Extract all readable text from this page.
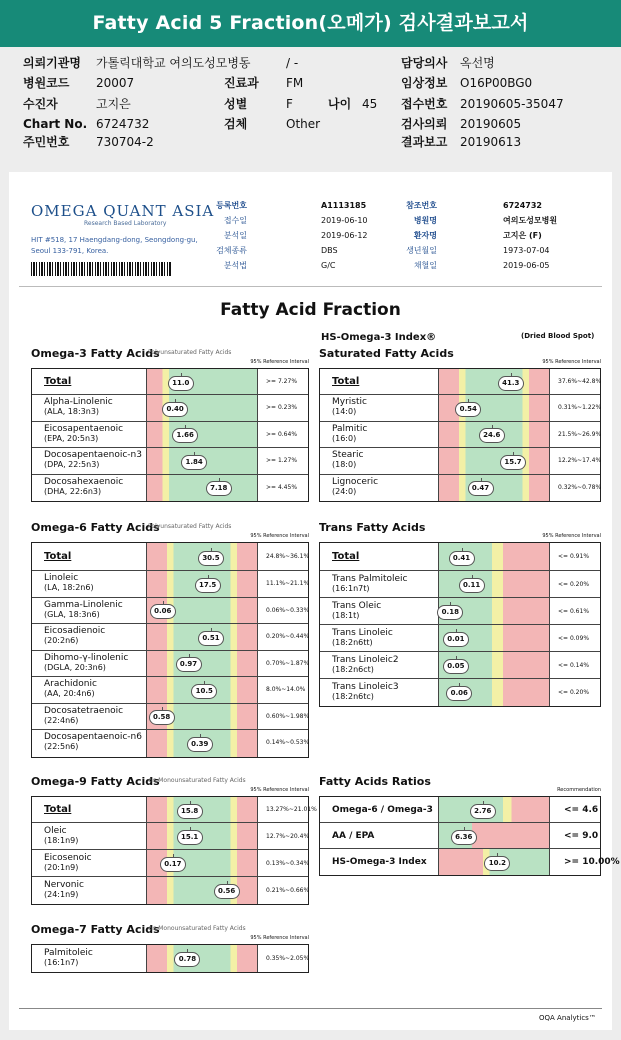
Fatty Acid 5 Fraction(오메가) 검사결과보고서
의뢰기관명 가톨릭대학교 여의도성모병동
병원코드 20007
수진자	고지은
Chart No. 6724732
주민번호 730704-2
/ -
진료과 FM
성별	F	나이 45
검체	Other
담당의사 옥선명
임상정보 O16P00BG0
접수번호 20190605-35047
검사의뢰 20190605
결과보고 20190613
OMEGA QUANT ASIA
Research Based Laboratory
HIT #518, 17 Haengdang-dong, Seongdong-gu,
Seoul 133-791, Korea.
등록번호	A1113185
접수일	2019-06-10
분석일	2019-06-12
검체종류	DBS
분석법	G/C
참조번호	6724732
병원명	여의도성모병원
환자명	고지은 (F)
생년월일	1973-07-04
채혈일	2019-06-05
Fatty Acid Fraction
HS-Omega-3 Index®	(Dried Blood Spot)
Omega-3 Fatty Acids
Polyunsaturated Fatty Acids
95% Reference Interval
Total	11.0	>= 7.27%
Alpha-Linolenic
(ALA, 18:3n3)	0.40	>= 0.23%
Eicosapentaenoic
(EPA, 20:5n3)	1.66	>= 0.64%
Docosapentaenoic-n3
(DPA, 22:5n3)	1.84	>= 1.27%
Docosahexaenoic
(DHA, 22:6n3)	7.18	>= 4.45%
Saturated Fatty Acids
95% Reference Interval
Total	41.3	37.6%~42.8%
Myristic
(14:0)	0.54	0.31%~1.22%
Palmitic
(16:0)	24.6	21.5%~26.9%
Stearic
(18:0)	15.7	12.2%~17.4%
Lignoceric
(24:0)	0.47	0.32%~0.78%
Omega-6 Fatty Acids
Polyunsaturated Fatty Acids
95% Reference Interval
Total	30.5	24.8%~36.1%
Linoleic
(LA, 18:2n6)	17.5	11.1%~21.1%
Gamma-Linolenic
(GLA, 18:3n6)	0.06	0.06%~0.33%
Eicosadienoic
(20:2n6)	0.51	0.20%~0.44%
Dihomo-γ-linolenic
(DGLA, 20:3n6)	0.97	0.70%~1.87%
Arachidonic
(AA, 20:4n6)	10.5	8.0%~14.0%
Docosatetraenoic
(22:4n6)	0.58	0.60%~1.98%
Docosapentaenoic-n6
(22:5n6)	0.39	0.14%~0.53%
Trans Fatty Acids
95% Reference Interval
Total	0.41	<= 0.91%
Trans Palmitoleic
(16:1n7t)	0.11	<= 0.20%
Trans Oleic
(18:1t)	0.18	<= 0.61%
Trans Linoleic
(18:2n6tt)	0.01	<= 0.09%
Trans Linoleic2
(18:2n6ct)	0.05	<= 0.14%
Trans Linoleic3
(18:2n6tc)	0.06	<= 0.20%
Omega-9 Fatty Acids
cis-Monounsaturated Fatty Acids
95% Reference Interval
Total	15.8	13.27%~21.01%
Oleic
(18:1n9)	15.1	12.7%~20.4%
Eicosenoic
(20:1n9)	0.17	0.13%~0.34%
Nervonic
(24:1n9)	0.56	0.21%~0.66%
Omega-7 Fatty Acids
cis-Monounsaturated Fatty Acids
95% Reference Interval
Palmitoleic
(16:1n7)	0.78	0.35%~2.05%
Fatty Acids Ratios
Recommendation
Omega-6 / Omega-3	2.76	<= 4.6
AA / EPA	6.36	<= 9.0
HS-Omega-3 Index	10.2	>= 10.00%
OQA Analytics™
